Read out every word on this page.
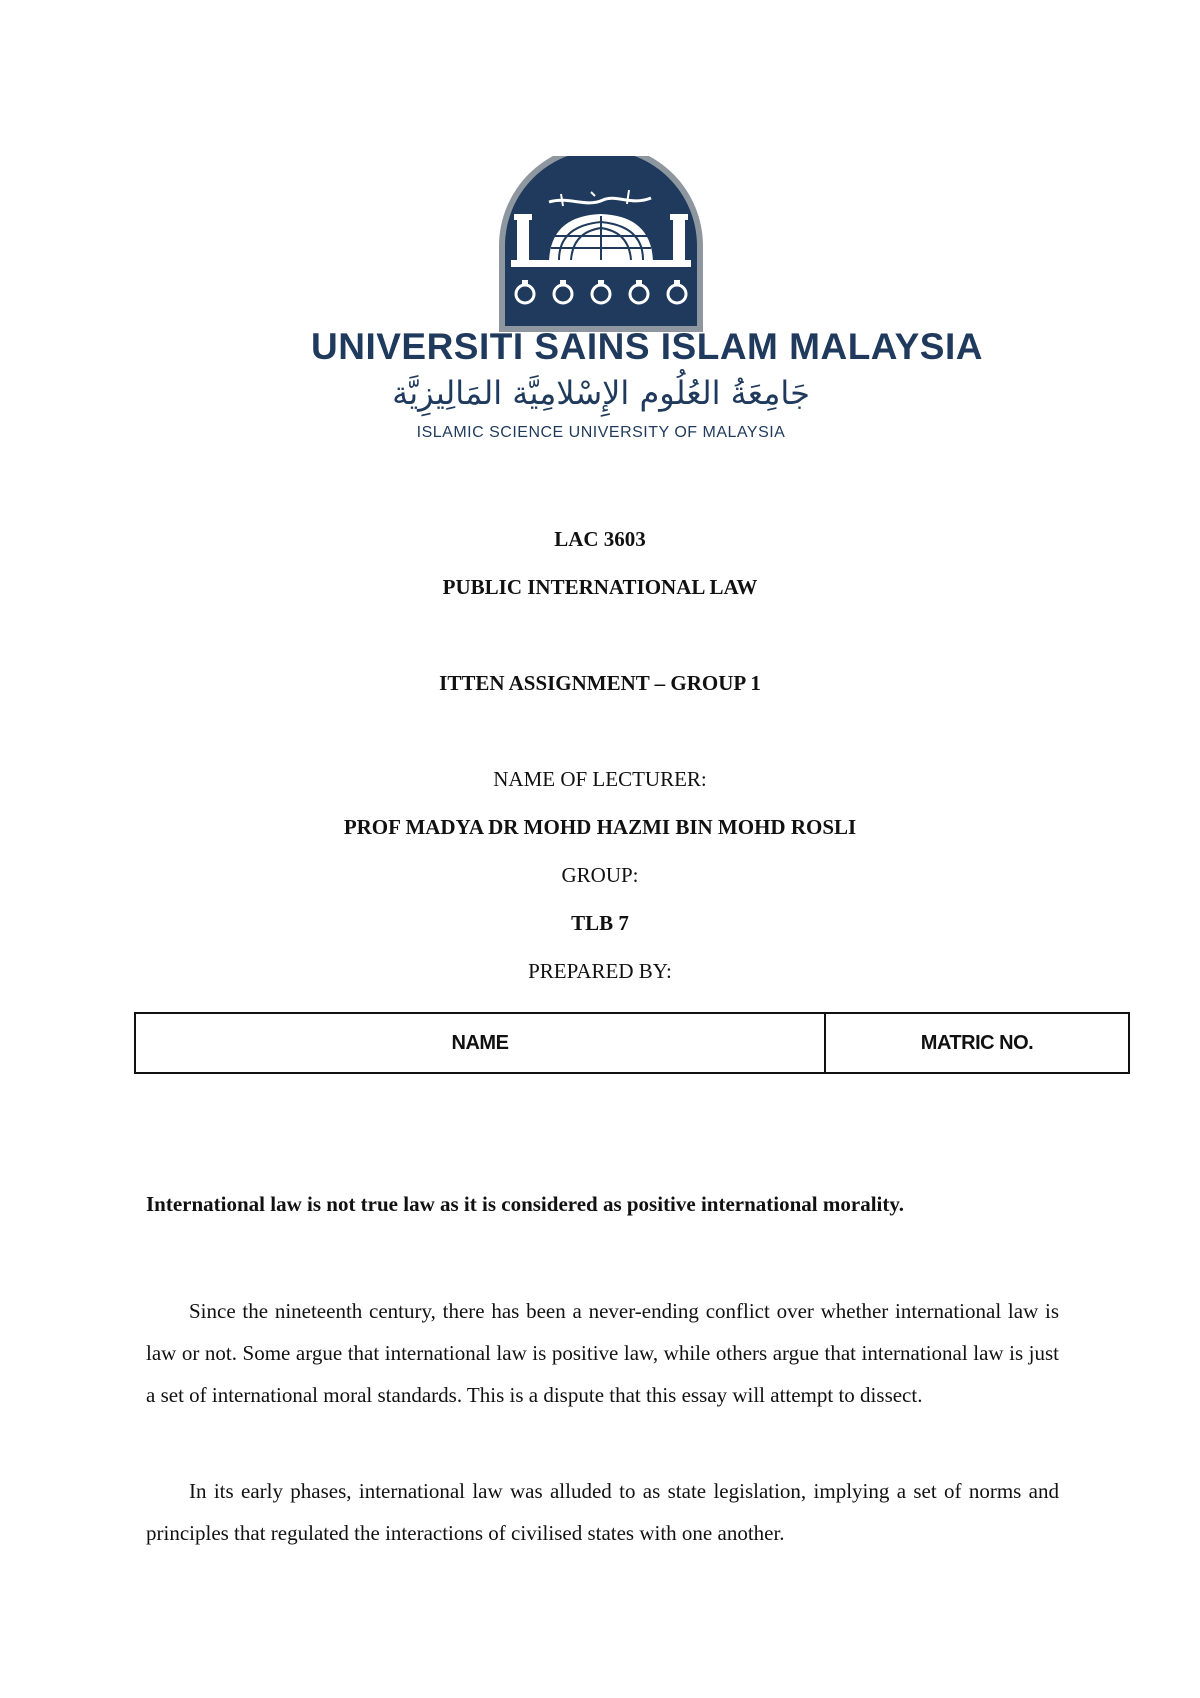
UNIVERSITI SAINS ISLAM MALAYSIA
جَامِعَةُ العُلُوم الإِسْلامِيَّة المَالِيزِيَّة
ISLAMIC SCIENCE UNIVERSITY OF MALAYSIA
LAC 3603
PUBLIC INTERNATIONAL LAW
ITTEN ASSIGNMENT – GROUP 1
NAME OF LECTURER:
PROF MADYA DR MOHD HAZMI BIN MOHD ROSLI
GROUP:
TLB 7
PREPARED BY:
NAME	MATRIC NO.
International law is not true law as it is considered as positive international morality.

Since the nineteenth century, there has been a never-ending conflict over whether international law is law or not. Some argue that international law is positive law, while others argue that international law is just a set of international moral standards. This is a dispute that this essay will attempt to dissect.

In its early phases, international law was alluded to as state legislation, implying a set of norms and principles that regulated the interactions of civilised states with one another.
